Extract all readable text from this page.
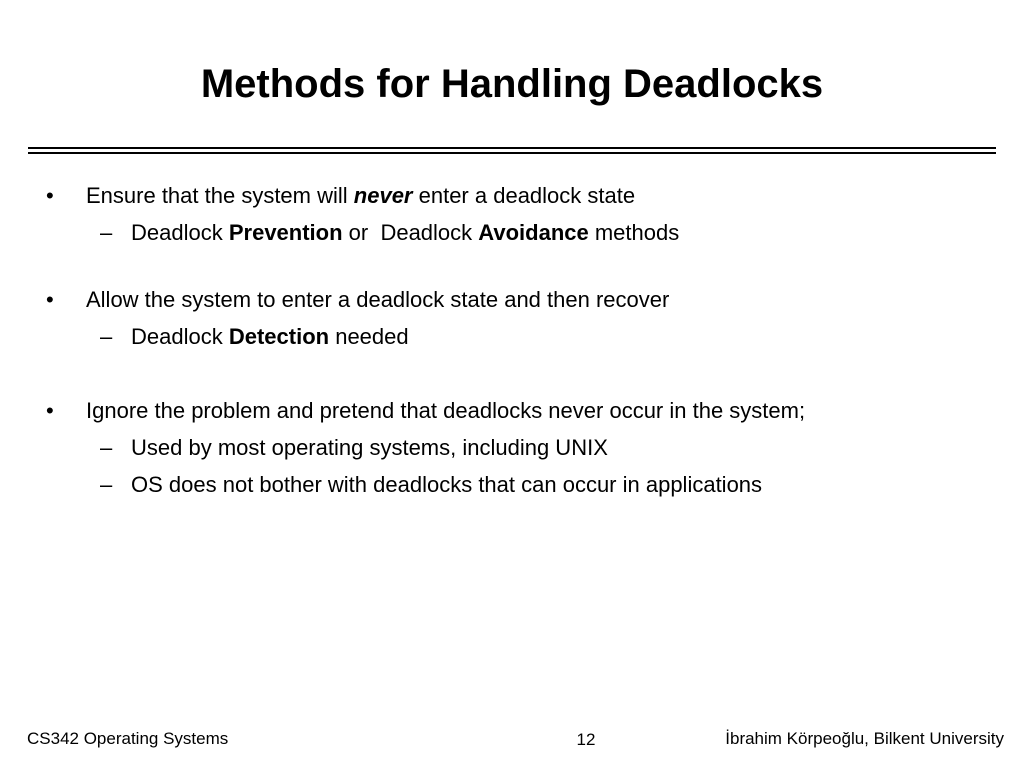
Methods for Handling Deadlocks
• Ensure that the system will never enter a deadlock state
– Deadlock Prevention or  Deadlock Avoidance methods
• Allow the system to enter a deadlock state and then recover
– Deadlock Detection needed
• Ignore the problem and pretend that deadlocks never occur in the system;
– Used by most operating systems, including UNIX
– OS does not bother with deadlocks that can occur in applications
CS342 Operating Systems	12	İbrahim Körpeoğlu, Bilkent University
